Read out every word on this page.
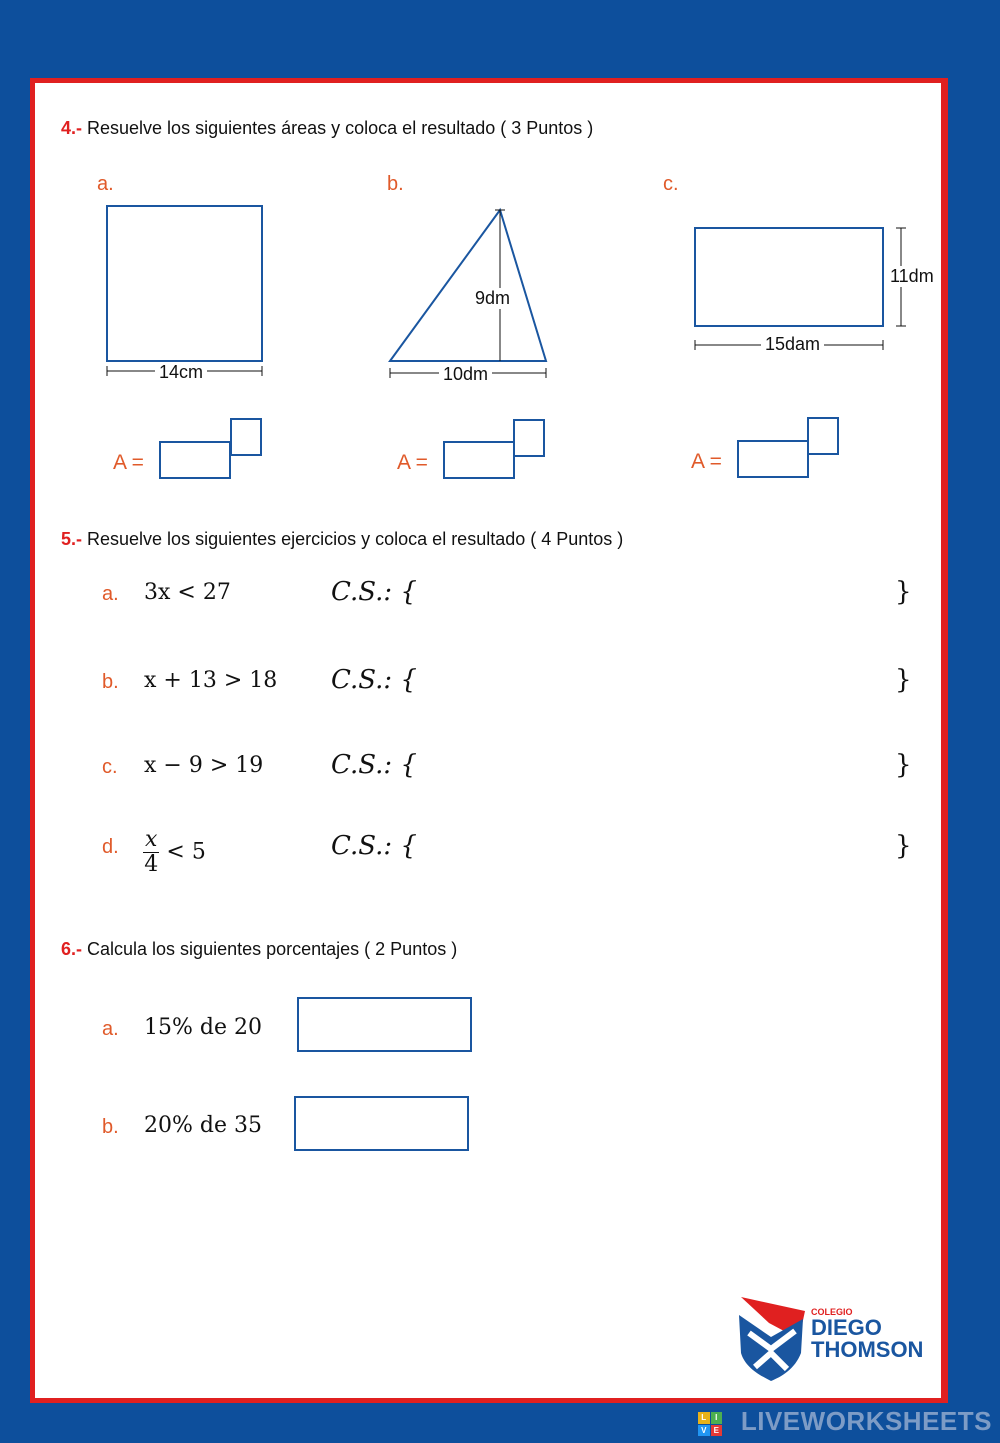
4.- Resuelve los siguientes áreas y coloca el resultado ( 3 Puntos )
a.
14cm
b.
9dm
10dm
c.
11dm
15dam
A =	A =	A =
5.- Resuelve los siguientes ejercicios y coloca el resultado ( 4 Puntos )
a. 3x < 27	C.S.: {	}
b. x + 13 > 18 C.S.: {	}
c. x − 9 > 19	C.S.: {	}
d. $\frac{x}{4} < 5$	C.S.: {	}
6.- Calcula los siguientes porcentajes ( 2 Puntos )
a. 15% de 20
b. 20% de 35
COLEGIO
DIEGO
THOMSON
L	I
V E LIVEWORKSHEETS
